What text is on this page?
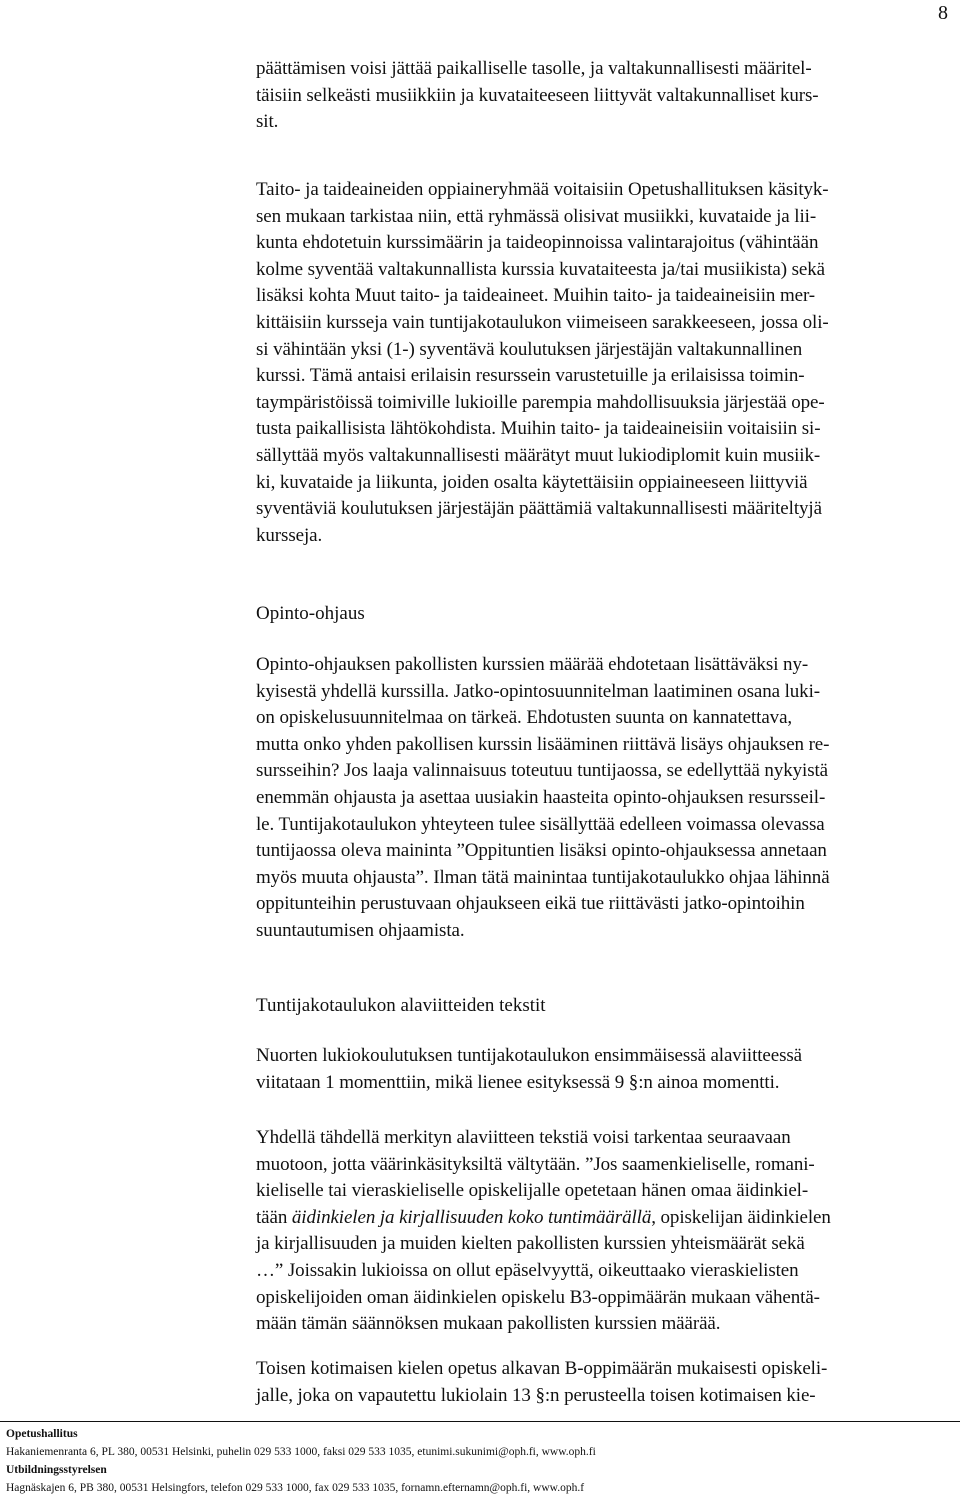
8
päättämisen voisi jättää paikalliselle tasolle, ja valtakunnallisesti määritel-
täisiin selkeästi musiikkiin ja kuvataiteeseen liittyvät valtakunnalliset kurs-
sit.
Taito- ja taideaineiden oppiaineryhmää voitaisiin Opetushallituksen käsityk-
sen mukaan tarkistaa niin, että ryhmässä olisivat musiikki, kuvataide ja lii-
kunta ehdotetuin kurssimäärin ja taideopinnoissa valintarajoitus (vähintään
kolme syventää valtakunnallista kurssia kuvataiteesta ja/tai musiikista) sekä
lisäksi kohta Muut taito- ja taideaineet. Muihin taito- ja taideaineisiin mer-
kittäisiin kursseja vain tuntijakotaulukon viimeiseen sarakkeeseen, jossa oli-
si vähintään yksi (1-) syventävä koulutuksen järjestäjän valtakunnallinen
kurssi. Tämä antaisi erilaisin resurssein varustetuille ja erilaisissa toimin-
taympäristöissä toimiville lukioille parempia mahdollisuuksia järjestää ope-
tusta paikallisista lähtökohdista. Muihin taito- ja taideaineisiin voitaisiin si-
sällyttää myös valtakunnallisesti määrätyt muut lukiodiplomit kuin musiik-
ki, kuvataide ja liikunta, joiden osalta käytettäisiin oppiaineeseen liittyviä
syventäviä koulutuksen järjestäjän päättämiä valtakunnallisesti määriteltyjä
kursseja.
Opinto-ohjaus
Opinto-ohjauksen pakollisten kurssien määrää ehdotetaan lisättäväksi ny-
kyisestä yhdellä kurssilla. Jatko-opintosuunnitelman laatiminen osana luki-
on opiskelusuunnitelmaa on tärkeä. Ehdotusten suunta on kannatettava,
mutta onko yhden pakollisen kurssin lisääminen riittävä lisäys ohjauksen re-
sursseihin? Jos laaja valinnaisuus toteutuu tuntijaossa, se edellyttää nykyistä
enemmän ohjausta ja asettaa uusiakin haasteita opinto-ohjauksen resursseil-
le. Tuntijakotaulukon yhteyteen tulee sisällyttää edelleen voimassa olevassa
tuntijaossa oleva maininta ”Oppituntien lisäksi opinto-ohjauksessa annetaan
myös muuta ohjausta”. Ilman tätä mainintaa tuntijakotaulukko ohjaa lähinnä
oppitunteihin perustuvaan ohjaukseen eikä tue riittävästi jatko-opintoihin
suuntautumisen ohjaamista.
Tuntijakotaulukon alaviitteiden tekstit
Nuorten lukiokoulutuksen tuntijakotaulukon ensimmäisessä alaviitteessä
viitataan 1 momenttiin, mikä lienee esityksessä 9 §:n ainoa momentti.
Yhdellä tähdellä merkityn alaviitteen tekstiä voisi tarkentaa seuraavaan
muotoon, jotta väärinkäsityksiltä vältytään. ”Jos saamenkieliselle, romani-
kieliselle tai vieraskieliselle opiskelijalle opetetaan hänen omaa äidinkiel-
tään äidinkielen ja kirjallisuuden koko tuntimäärällä, opiskelijan äidinkielen
ja kirjallisuuden ja muiden kielten pakollisten kurssien yhteismäärät sekä
…” Joissakin lukioissa on ollut epäselvyyttä, oikeuttaako vieraskielisten
opiskelijoiden oman äidinkielen opiskelu B3-oppimäärän mukaan vähentä-
mään tämän säännöksen mukaan pakollisten kurssien määrää.
Toisen kotimaisen kielen opetus alkavan B-oppimäärän mukaisesti opiskeli-
jalle, joka on vapautettu lukiolain 13 §:n perusteella toisen kotimaisen kie-
Opetushallitus
Hakaniemenranta 6, PL 380, 00531 Helsinki, puhelin 029 533 1000, faksi 029 533 1035, etunimi.sukunimi@oph.fi, www.oph.fi
Utbildningsstyrelsen
Hagnäskajen 6, PB 380, 00531 Helsingfors, telefon 029 533 1000, fax 029 533 1035, fornamn.efternamn@oph.fi, www.oph.f
